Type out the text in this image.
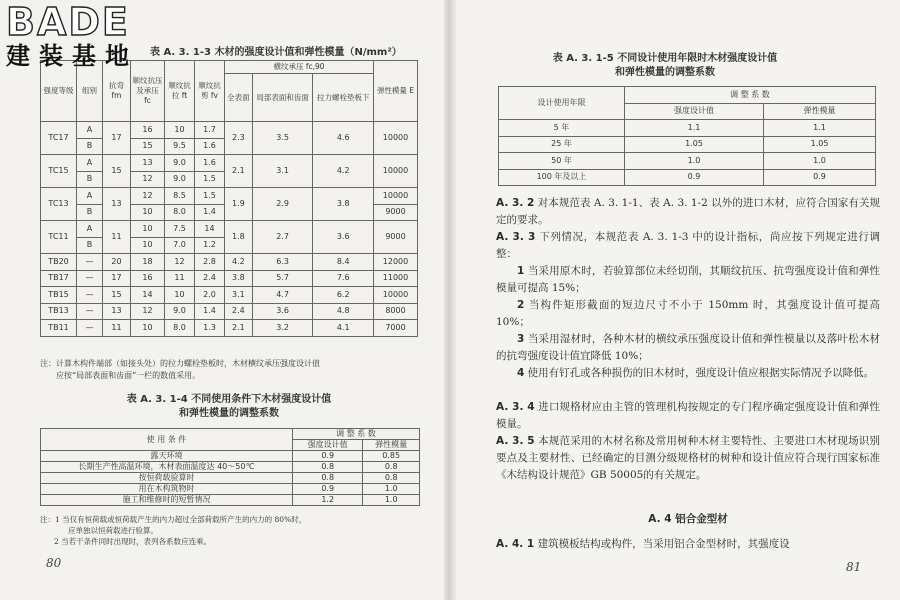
BADE
建装基地	表 A. 3. 1-3 木材的强度设计值和弹性模量（N/mm²）
强度等级	组别	抗弯 fm	顺纹抗压及承压 fc	顺纹抗拉 ft	顺纹抗剪 fv	横纹承压 fc,90			弹性模量 E
						全表面	局部表面和齿面	拉力螺栓垫板下	
TC17	A	17	16	10	1.7	2.3	3.5	4.6	10000
	B		15	9.5	1.6				
TC15	A	15	13	9.0	1.6	2.1	3.1	4.2	10000
	B		12	9.0	1.5				
TC13	A	13	12	8.5	1.5	1.9	2.9	3.8	10000
	B		10	8.0	1.4				9000
TC11	A	11	10	7.5	14	1.8	2.7	3.6	9000
	B		10	7.0	1.2				
TB20	—	20	18	12	2.8	4.2	6.3	8.4	12000
TB17	—	17	16	11	2.4	3.8	5.7	7.6	11000
TB15	—	15	14	10	2.0	3.1	4.7	6.2	10000
TB13	—	13	12	9.0	1.4	2.4	3.6	4.8	8000
TB11	—	11	10	8.0	1.3	2.1	3.2	4.1	7000
注：计算木构件端部（如接头处）的拉力螺栓垫板时，木材横纹承压强度设计值
应按“局部表面和齿面”一栏的数值采用。
表 A. 3. 1-4 不同使用条件下木材强度设计值
和弹性模量的调整系数
使 用 条 件	调 整 系 数	
	强度设计值	弹性模量
露天环境	0.9	0.85
长期生产性高温环境，木材表面温度达 40～50℃	0.8	0.8
按恒荷载验算时	0.8	0.8
用在木构筑物时	0.9	1.0
施工和维修时的短暂情况	1.2	1.0
注：1 当仅有恒荷载或恒荷载产生的内力超过全部荷载所产生的内力的 80%时，
应单独以恒荷载进行验算。
2 当若干条件同时出现时，表列各系数应连乘。
80
表 A. 3. 1-5 不同设计使用年限时木材强度设计值
和弹性模量的调整系数
设计使用年限	调 整 系 数	
	强度设计值	弹性模量
5 年	1.1	1.1
25 年	1.05	1.05
50 年	1.0	1.0
100 年及以上	0.9	0.9
A. 3. 2 对本规范表 A. 3. 1-1、表 A. 3. 1-2 以外的进口木材，应符合国家有关规定的要求。
A. 3. 3 下列情况，本规范表 A. 3. 1-3 中的设计指标，尚应按下列规定进行调整：
1 当采用原木时，若验算部位未经切削，其顺纹抗压、抗弯强度设计值和弹性模量可提高 15%；
2 当构件矩形截面的短边尺寸不小于 150mm 时，其强度设计值可提高 10%；
3 当采用湿材时，各种木材的横纹承压强度设计值和弹性模量以及落叶松木材的抗弯强度设计值宜降低 10%；
4 使用有钉孔或各种损伤的旧木材时，强度设计值应根据实际情况予以降低。
A. 3. 4 进口规格材应由主管的管理机构按规定的专门程序确定强度设计值和弹性模量。
A. 3. 5 本规范采用的木材名称及常用树种木材主要特性、主要进口木材现场识别要点及主要材性、已经确定的目测分级规格材的树种和设计值应符合现行国家标准《木结构设计规范》GB 50005的有关规定。
A. 4 铝合金型材
A. 4. 1 建筑模板结构或构件，当采用铝合金型材时，其强度设
81
